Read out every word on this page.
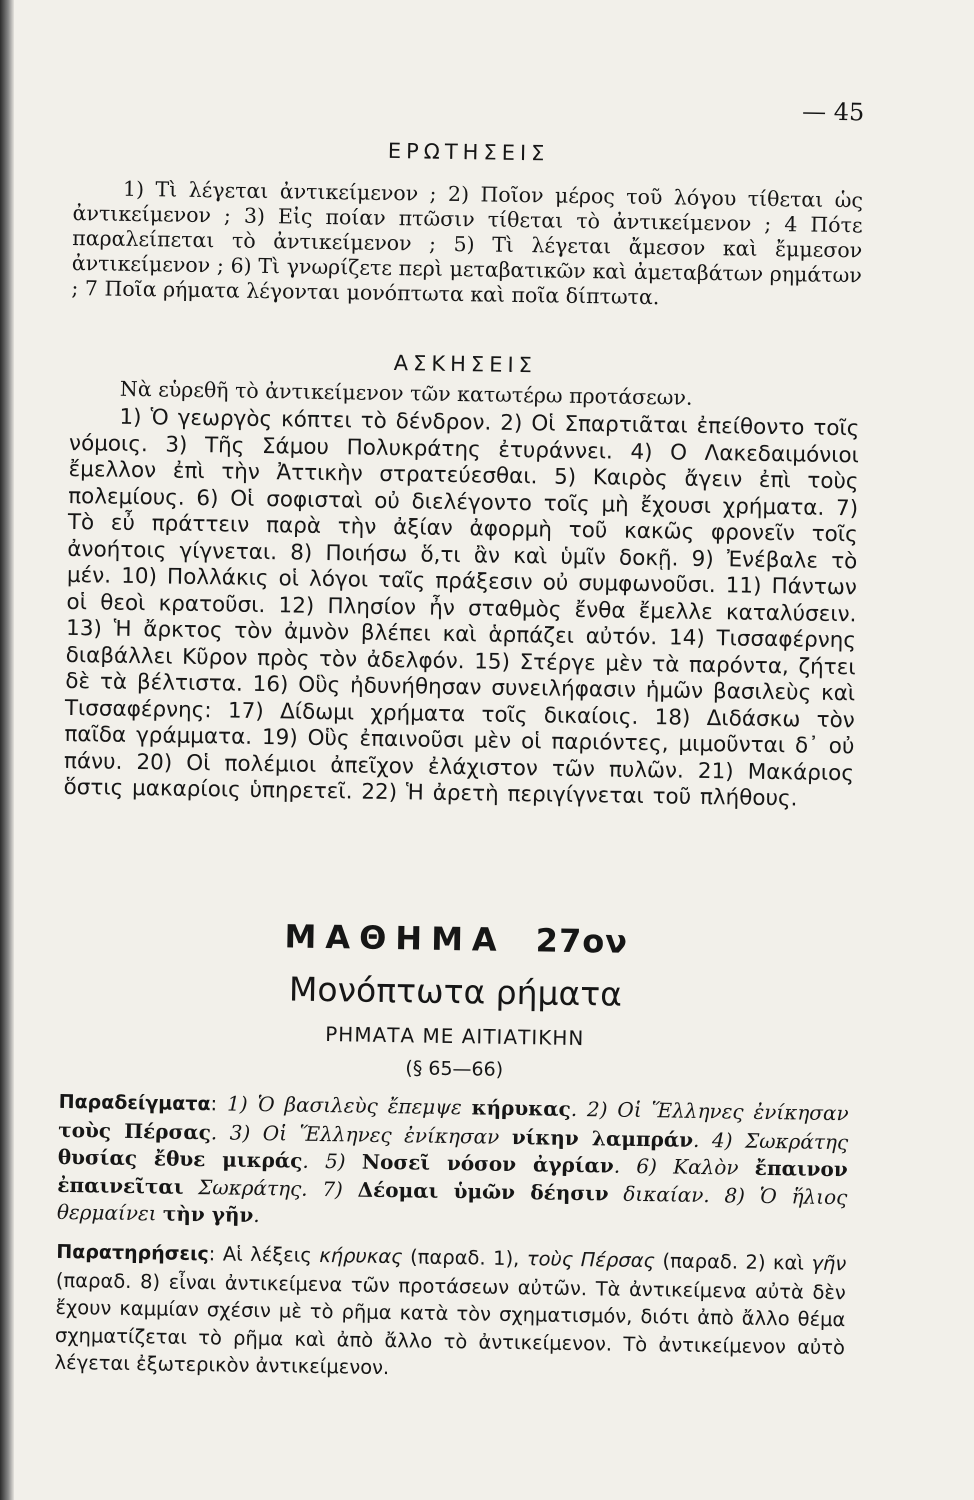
— 45
ΕΡΩΤΗΣΕΙΣ

1) Τὶ λέγεται ἀντικείμενον ; 2) Ποῖον μέρος τοῦ λόγου τίθεται ὡς ἀντικείμενον ; 3) Εἰς ποίαν πτῶσιν τίθεται τὸ ἀντικείμενον ; 4 Πότε παραλείπεται τὸ ἀντικείμενον ; 5) Τὶ λέγεται ἄμεσον καὶ ἔμμεσον ἀντικείμενον ; 6) Τὶ γνωρίζετε περὶ μεταβατικῶν καὶ ἀμεταβάτων ρημάτων ; 7 Ποῖα ρήματα λέγονται μονόπτωτα καὶ ποῖα δίπτωτα.

ΑΣΚΗΣΕΙΣ

Νὰ εὑρεθῆ τὸ ἀντικείμενον τῶν κατωτέρω προτάσεων.

1) Ὁ γεωργὸς κόπτει τὸ δένδρον. 2) Οἱ Σπαρτιᾶται ἐπείθοντο τοῖς νόμοις. 3) Τῆς Σάμου Πολυκράτης ἐτυράννει. 4) Ο Λακεδαιμόνιοι ἔμελλον ἐπὶ τὴν Ἀττικὴν στρατεύεσθαι. 5) Καιρὸς ἄγειν ἐπὶ τοὺς πολεμίους. 6) Οἱ σοφισταὶ οὐ διελέγοντο τοῖς μὴ ἔχουσι χρήματα. 7) Τὸ εὖ πράττειν παρὰ τὴν ἀξίαν ἀφορμὴ τοῦ κακῶς φρονεῖν τοῖς ἀνοήτοις γίγνεται. 8) Ποιήσω ὅ,τι ἂν καὶ ὑμῖν δοκῇ. 9) Ἐνέβαλε τὸ μέν. 10) Πολλάκις οἱ λόγοι ταῖς πράξεσιν οὐ συμφωνοῦσι. 11) Πάντων οἱ θεοὶ κρατοῦσι. 12) Πλησίον ἦν σταθμὸς ἔνθα ἔμελλε καταλύσειν. 13) Ἡ ἄρκτος τὸν ἀμνὸν βλέπει καὶ ἁρπάζει αὐτόν. 14) Τισσαφέρνης διαβάλλει Κῦρον πρὸς τὸν ἀδελφόν. 15) Στέργε μὲν τὰ παρόντα, ζήτει δὲ τὰ βέλτιστα. 16) Οὓς ἠδυνήθησαν συνειλήφασιν ἡμῶν βασιλεὺς καὶ Τισσαφέρνης: 17) Δίδωμι χρήματα τοῖς δικαίοις. 18) Διδάσκω τὸν παῖδα γράμματα. 19) Οὓς ἐπαινοῦσι μὲν οἱ παριόντες, μιμοῦνται δ᾿ οὐ πάνυ. 20) Οἱ πολέμιοι ἀπεῖχον ἐλάχιστον τῶν πυλῶν. 21) Μακάριος ὅστις μακαρίοις ὑπηρετεῖ. 22) Ἡ ἀρετὴ περιγίγνεται τοῦ πλήθους.

ΜΑΘΗΜΑ 27ον
Μονόπτωτα ρήματα
ΡΗΜΑΤΑ ΜΕ ΑΙΤΙΑΤΙΚΗΝ
(§ 65—66)

Παραδείγματα: 1) Ὁ βασιλεὺς ἔπεμψε κήρυκας. 2) Οἱ Ἕλληνες ἐνίκησαν τοὺς Πέρσας. 3) Οἱ Ἕλληνες ἐνίκησαν νίκην λαμπράν. 4) Σωκράτης θυσίας ἔθυε μικράς. 5) Νοσεῖ νόσον ἀγρίαν. 6) Καλὸν ἔπαινον ἐπαινεῖται Σωκράτης. 7) Δέομαι ὑμῶν δέησιν δικαίαν. 8) Ὁ ἥλιος θερμαίνει τὴν γῆν.

Παρατηρήσεις: Αἱ λέξεις κήρυκας (παραδ. 1), τοὺς Πέρσας (παραδ. 2) καὶ γῆν (παραδ. 8) εἶναι ἀντικείμενα τῶν προτάσεων αὐτῶν. Τὰ ἀντικείμενα αὐτὰ δὲν ἔχουν καμμίαν σχέσιν μὲ τὸ ρῆμα κατὰ τὸν σχηματισμόν, διότι ἀπὸ ἄλλο θέμα σχηματίζεται τὸ ρῆμα καὶ ἀπὸ ἄλλο τὸ ἀντικείμενον. Τὸ ἀντικείμενον αὐτὸ λέγεται ἐξωτερικὸν ἀντικείμενον.
